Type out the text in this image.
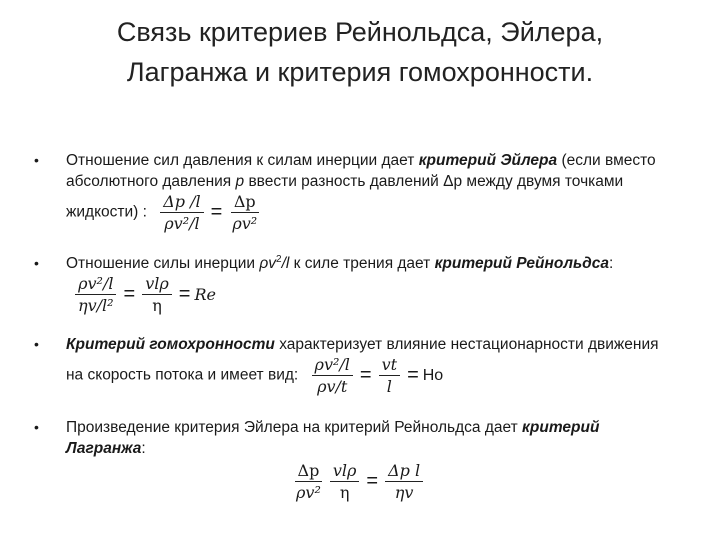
Связь критериев Рейнольдса, Эйлера,
Лагранжа и критерия гомохронности.
• Отношение сил давления к силам инерции дает критерий Эйлера (если вместо абсолютного давления p ввести разность давлений Δp между двумя точками жидкости) : $\frac{\Delta p /l}{\text{ρv²/l}} = \frac{\Delta p}{\text{ρv²}}$
• Отношение силы инерции $\rho v^2/l$ к силе трения дает критерий Рейнольдса:
$\frac{\text{ρv²/l}}{\text{ηv/l²}} = \frac{\text{vlρ}}{\eta} = Re$
• Критерий гомохронности характеризует влияние нестационарности движения на скорость потока и имеет вид: $\frac{\text{ρv²/l}}{\rho v/t} = \frac{vt}{l} = Ho$
• Произведение критерия Эйлера на критерий Рейнольдса дает критерий Лагранжа:
$\frac{\Delta p}{\text{ρv²}} \frac{\text{vlρ}}{\eta} = \frac{\text{Δp l}}{\eta v}$
